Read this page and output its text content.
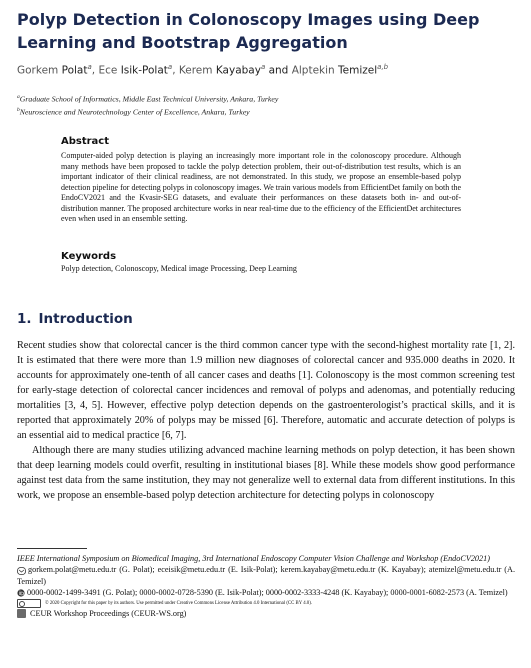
Polyp Detection in Colonoscopy Images using Deep Learning and Bootstrap Aggregation
Gorkem Polat$^a$, Ece Isik-Polat$^a$, Kerem Kayabay$^a$ and Alptekin Temizel$^{a,b}$
$^a$Graduate School of Informatics, Middle East Technical University, Ankara, Turkey
$^b$Neuroscience and Neurotechnology Center of Excellence, Ankara, Turkey
Abstract
Computer-aided polyp detection is playing an increasingly more important role in the colonoscopy procedure. Although many methods have been proposed to tackle the polyp detection problem, their out-of-distribution test results, which is an important indicator of their clinical readiness, are not demonstrated. In this study, we propose an ensemble-based polyp detection pipeline for detecting polyps in colonoscopy images. We train various models from EfficientDet family on both the EndoCV2021 and the Kvasir-SEG datasets, and evaluate their performances on these datasets both in- and out-of-distribution manner. The proposed architecture works in near real-time due to the efficiency of the EfficientDet architectures even when used in an ensemble setting.
Keywords
Polyp detection, Colonoscopy, Medical image Processing, Deep Learning
1. Introduction

Recent studies show that colorectal cancer is the third common cancer type with the second-highest mortality rate [1, 2]. It is estimated that there were more than 1.9 million new diagnoses of colorectal cancer and 935.000 deaths in 2020. It accounts for approximately one-tenth of all cancer cases and deaths [1]. Colonoscopy is the most common screening test for early-stage detection of colorectal cancer incidences and removal of polyps and adenomas, and potentially reducing mortalities [3, 4, 5]. However, effective polyp detection depends on the gastroenterologist’s practical skills, and it is reported that approximately 20% of polyps may be missed [6]. Therefore, automatic and accurate detection of polyps is an essential aid to medical practice [6, 7].

Although there are many studies utilizing advanced machine learning methods on polyp detection, it has been shown that deep learning models could overfit, resulting in institutional biases [8]. While these models show good performance against test data from the same institution, they may not generalize well to external data from different institutions. In this work, we propose an ensemble-based polyp detection architecture for detecting polyps in colonoscopy

IEEE International Symposium on Biomedical Imaging, 3rd International Endoscopy Computer Vision Challenge and Workshop (EndoCV2021)

gorkem.polat@metu.edu.tr (G. Polat); eceisik@metu.edu.tr (E. Isik-Polat); kerem.kayabay@metu.edu.tr (K. Kayabay); atemizel@metu.edu.tr (A. Temizel)

0000-0002-1499-3491 (G. Polat); 0000-0002-0728-5390 (E. Isik-Polat); 0000-0002-3333-4248 (K. Kayabay); 0000-0001-6082-2573 (A. Temizel)

© 2020 Copyright for this paper by its authors. Use permitted under Creative Commons License Attribution 4.0 International (CC BY 4.0).

CEUR Workshop Proceedings (CEUR-WS.org)
